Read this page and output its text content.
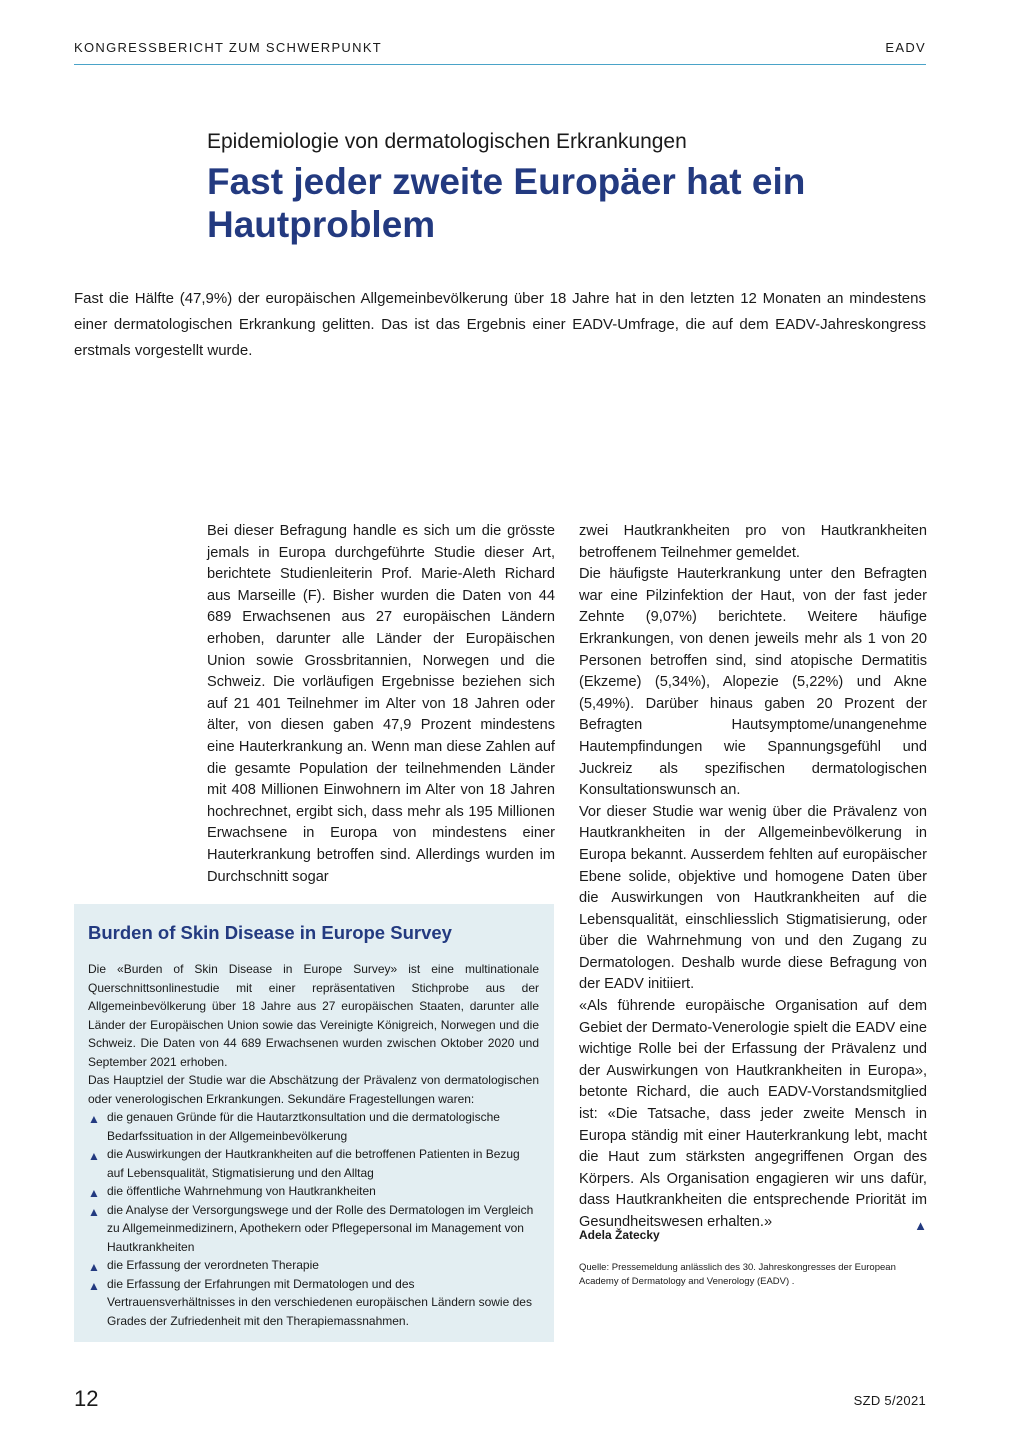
KONGRESSBERICHT ZUM SCHWERPUNKT	EADV
Epidemiologie von dermatologischen Erkrankungen
Fast jeder zweite Europäer hat ein Hautproblem

Fast die Hälfte (47,9%) der europäischen Allgemeinbevölkerung über 18 Jahre hat in den letzten 12 Monaten an mindestens einer dermatologischen Erkrankung gelitten. Das ist das Ergebnis einer EADV-Umfrage, die auf dem EADV-Jahreskongress erstmals vorgestellt wurde.

Bei dieser Befragung handle es sich um die grösste jemals in Europa durchgeführte Studie dieser Art, berichtete Studienleiterin Prof. Marie-Aleth Richard aus Marseille (F). Bisher wurden die Daten von 44 689 Erwachsenen aus 27 europäischen Ländern erhoben, darunter alle Länder der Europäischen Union sowie Grossbritannien, Norwegen und die Schweiz. Die vorläufigen Ergebnisse beziehen sich auf 21 401 Teilnehmer im Alter von 18 Jahren oder älter, von diesen gaben 47,9 Prozent mindestens eine Hauterkrankung an. Wenn man diese Zahlen auf die gesamte Population der teilnehmenden Länder mit 408 Millionen Einwohnern im Alter von 18 Jahren hochrechnet, ergibt sich, dass mehr als 195 Millionen Erwachsene in Europa von mindestens einer Hauterkrankung betroffen sind. Allerdings wurden im Durchschnitt sogar

zwei Hautkrankheiten pro von Hautkrankheiten betroffenem Teilnehmer gemeldet.

Die häufigste Hauterkrankung unter den Befragten war eine Pilzinfektion der Haut, von der fast jeder Zehnte (9,07%) berichtete. Weitere häufige Erkrankungen, von denen jeweils mehr als 1 von 20 Personen betroffen sind, sind atopische Dermatitis (Ekzeme) (5,34%), Alopezie (5,22%) und Akne (5,49%). Darüber hinaus gaben 20 Prozent der Befragten Hautsymptome/unangenehme Hautempfindungen wie Spannungsgefühl und Juckreiz als spezifischen dermatologischen Konsultationswunsch an.

Vor dieser Studie war wenig über die Prävalenz von Hautkrankheiten in der Allgemeinbevölkerung in Europa bekannt. Ausserdem fehlten auf europäischer Ebene solide, objektive und homogene Daten über die Auswirkungen von Hautkrankheiten auf die Lebensqualität, einschliesslich Stigmatisierung, oder über die Wahrnehmung von und den Zugang zu Dermatologen. Deshalb wurde diese Befragung von der EADV initiiert.

«Als führende europäische Organisation auf dem Gebiet der Dermato-Venerologie spielt die EADV eine wichtige Rolle bei der Erfassung der Prävalenz und der Auswirkungen von Hautkrankheiten in Europa», betonte Richard, die auch EADV-Vorstandsmitglied ist: «Die Tatsache, dass jeder zweite Mensch in Europa ständig mit einer Hauterkrankung lebt, macht die Haut zum stärksten angegriffenen Organ des Körpers. Als Organisation engagieren wir uns dafür, dass Hautkrankheiten die entsprechende Priorität im Gesundheitswesen erhalten.»	▲
Burden of Skin Disease in Europe Survey

Die «Burden of Skin Disease in Europe Survey» ist eine multinationale Querschnittsonlinestudie mit einer repräsentativen Stichprobe aus der Allgemeinbevölkerung über 18 Jahre aus 27 europäischen Staaten, darunter alle Länder der Europäischen Union sowie das Vereinigte Königreich, Norwegen und die Schweiz. Die Daten von 44 689 Erwachsenen wurden zwischen Oktober 2020 und September 2021 erhoben.

Das Hauptziel der Studie war die Abschätzung der Prävalenz von dermatologischen oder venerologischen Erkrankungen. Sekundäre Fragestellungen waren:

▲ die genauen Gründe für die Hautarztkonsultation und die dermatologische Bedarfssituation in der Allgemeinbevölkerung
▲ die Auswirkungen der Hautkrankheiten auf die betroffenen Patienten in Bezug auf Lebensqualität, Stigmatisierung und den Alltag
▲ die öffentliche Wahrnehmung von Hautkrankheiten
▲ die Analyse der Versorgungswege und der Rolle des Dermatologen im Vergleich zu Allgemeinmedizinern, Apothekern oder Pflegepersonal im Management von Hautkrankheiten
▲ die Erfassung der verordneten Therapie
▲ die Erfassung der Erfahrungen mit Dermatologen und des Vertrauensverhältnisses in den verschiedenen europäischen Ländern sowie des Grades der Zufriedenheit mit den Therapiemassnahmen.
Adela Žatecky
Quelle: Pressemeldung anlässlich des 30. Jahreskongresses der European Academy of Dermatology and Venerology (EADV) .
12	SZD 5/2021
